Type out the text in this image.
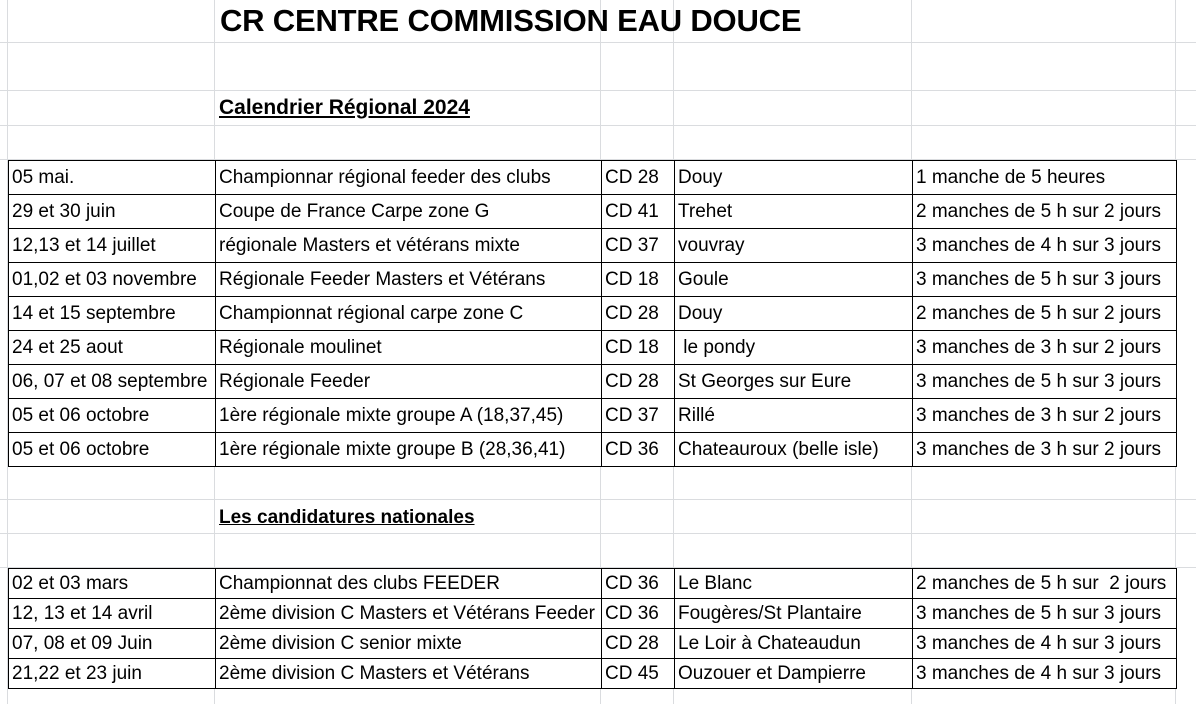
CR CENTRE COMMISSION EAU DOUCE
Calendrier Régional 2024
05 mai.	Championnar régional feeder des clubs	CD 28	Douy	1 manche de 5 heures
29 et 30 juin	Coupe de France Carpe zone G	CD 41	Trehet	2 manches de 5 h sur 2 jours
12,13 et 14 juillet	régionale Masters et vétérans mixte	CD 37	vouvray	3 manches de 4 h sur 3 jours
01,02 et 03 novembre	Régionale Feeder Masters et Vétérans	CD 18	Goule	3 manches de 5 h sur 3 jours
14 et 15 septembre	Championnat régional carpe zone C	CD 28	Douy	2 manches de 5 h sur 2 jours
24 et 25 aout	Régionale moulinet	CD 18	le pondy	3 manches de 3 h sur 2 jours
06, 07 et 08 septembre	Régionale Feeder	CD 28	St Georges sur Eure	3 manches de 5 h sur 3 jours
05 et 06 octobre	1ère régionale mixte groupe A (18,37,45)	CD 37	Rillé	3 manches de 3 h sur 2 jours
05 et 06 octobre	1ère régionale mixte groupe B (28,36,41)	CD 36	Chateauroux (belle isle)	3 manches de 3 h sur 2 jours
Les candidatures nationales
02 et 03 mars	Championnat des clubs FEEDER	CD 36	Le Blanc	2 manches de 5 h sur  2 jours
12, 13 et 14 avril	2ème division C Masters et Vétérans Feeder	CD 36	Fougères/St Plantaire	3 manches de 5 h sur 3 jours
07, 08 et 09 Juin	2ème division C senior mixte	CD 28	Le Loir à Chateaudun	3 manches de 4 h sur 3 jours
21,22 et 23 juin	2ème division C Masters et Vétérans	CD 45	Ouzouer et Dampierre	3 manches de 4 h sur 3 jours
